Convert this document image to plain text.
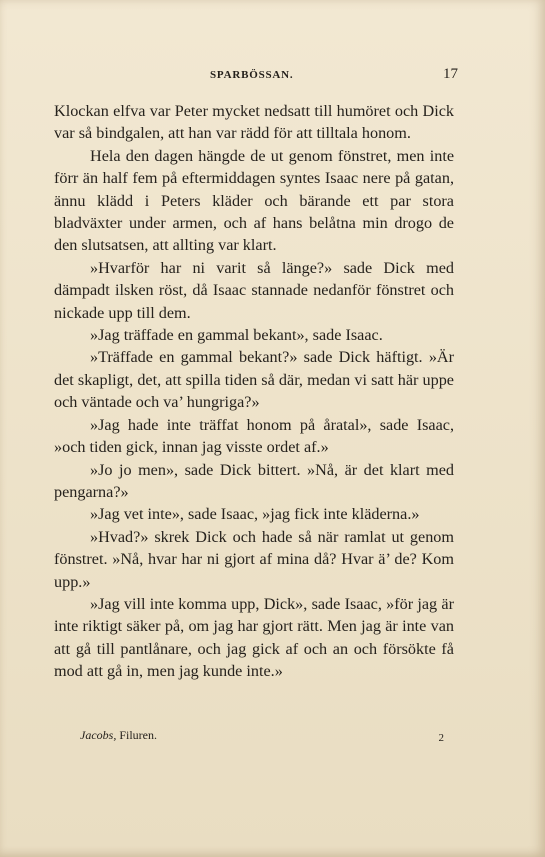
SPARBÖSSAN.	17

Klockan elfva var Peter mycket nedsatt till humöret och Dick var så bindgalen, att han var rädd för att tilltala honom.

Hela den dagen hängde de ut genom fönstret, men inte förr än half fem på eftermiddagen syntes Isaac nere på gatan, ännu klädd i Peters kläder och bärande ett par stora bladväxter under armen, och af hans belåtna min drogo de den slutsatsen, att allting var klart.

»Hvarför har ni varit så länge?» sade Dick med dämpadt ilsken röst, då Isaac stannade nedanför fönstret och nickade upp till dem.

»Jag träffade en gammal bekant», sade Isaac.

»Träffade en gammal bekant?» sade Dick häftigt. »Är det skapligt, det, att spilla tiden så där, medan vi satt här uppe och väntade och va’ hungriga?»

»Jag hade inte träffat honom på åratal», sade Isaac, »och tiden gick, innan jag visste ordet af.»

»Jo jo men», sade Dick bittert. »Nå, är det klart med pengarna?»

»Jag vet inte», sade Isaac, »jag fick inte kläderna.»

»Hvad?» skrek Dick och hade så när ramlat ut genom fönstret. »Nå, hvar har ni gjort af mina då? Hvar ä’ de? Kom upp.»

»Jag vill inte komma upp, Dick», sade Isaac, »för jag är inte riktigt säker på, om jag har gjort rätt. Men jag är inte van att gå till pantlånare, och jag gick af och an och försökte få mod att gå in, men jag kunde inte.»

Jacobs, Filuren.	2
